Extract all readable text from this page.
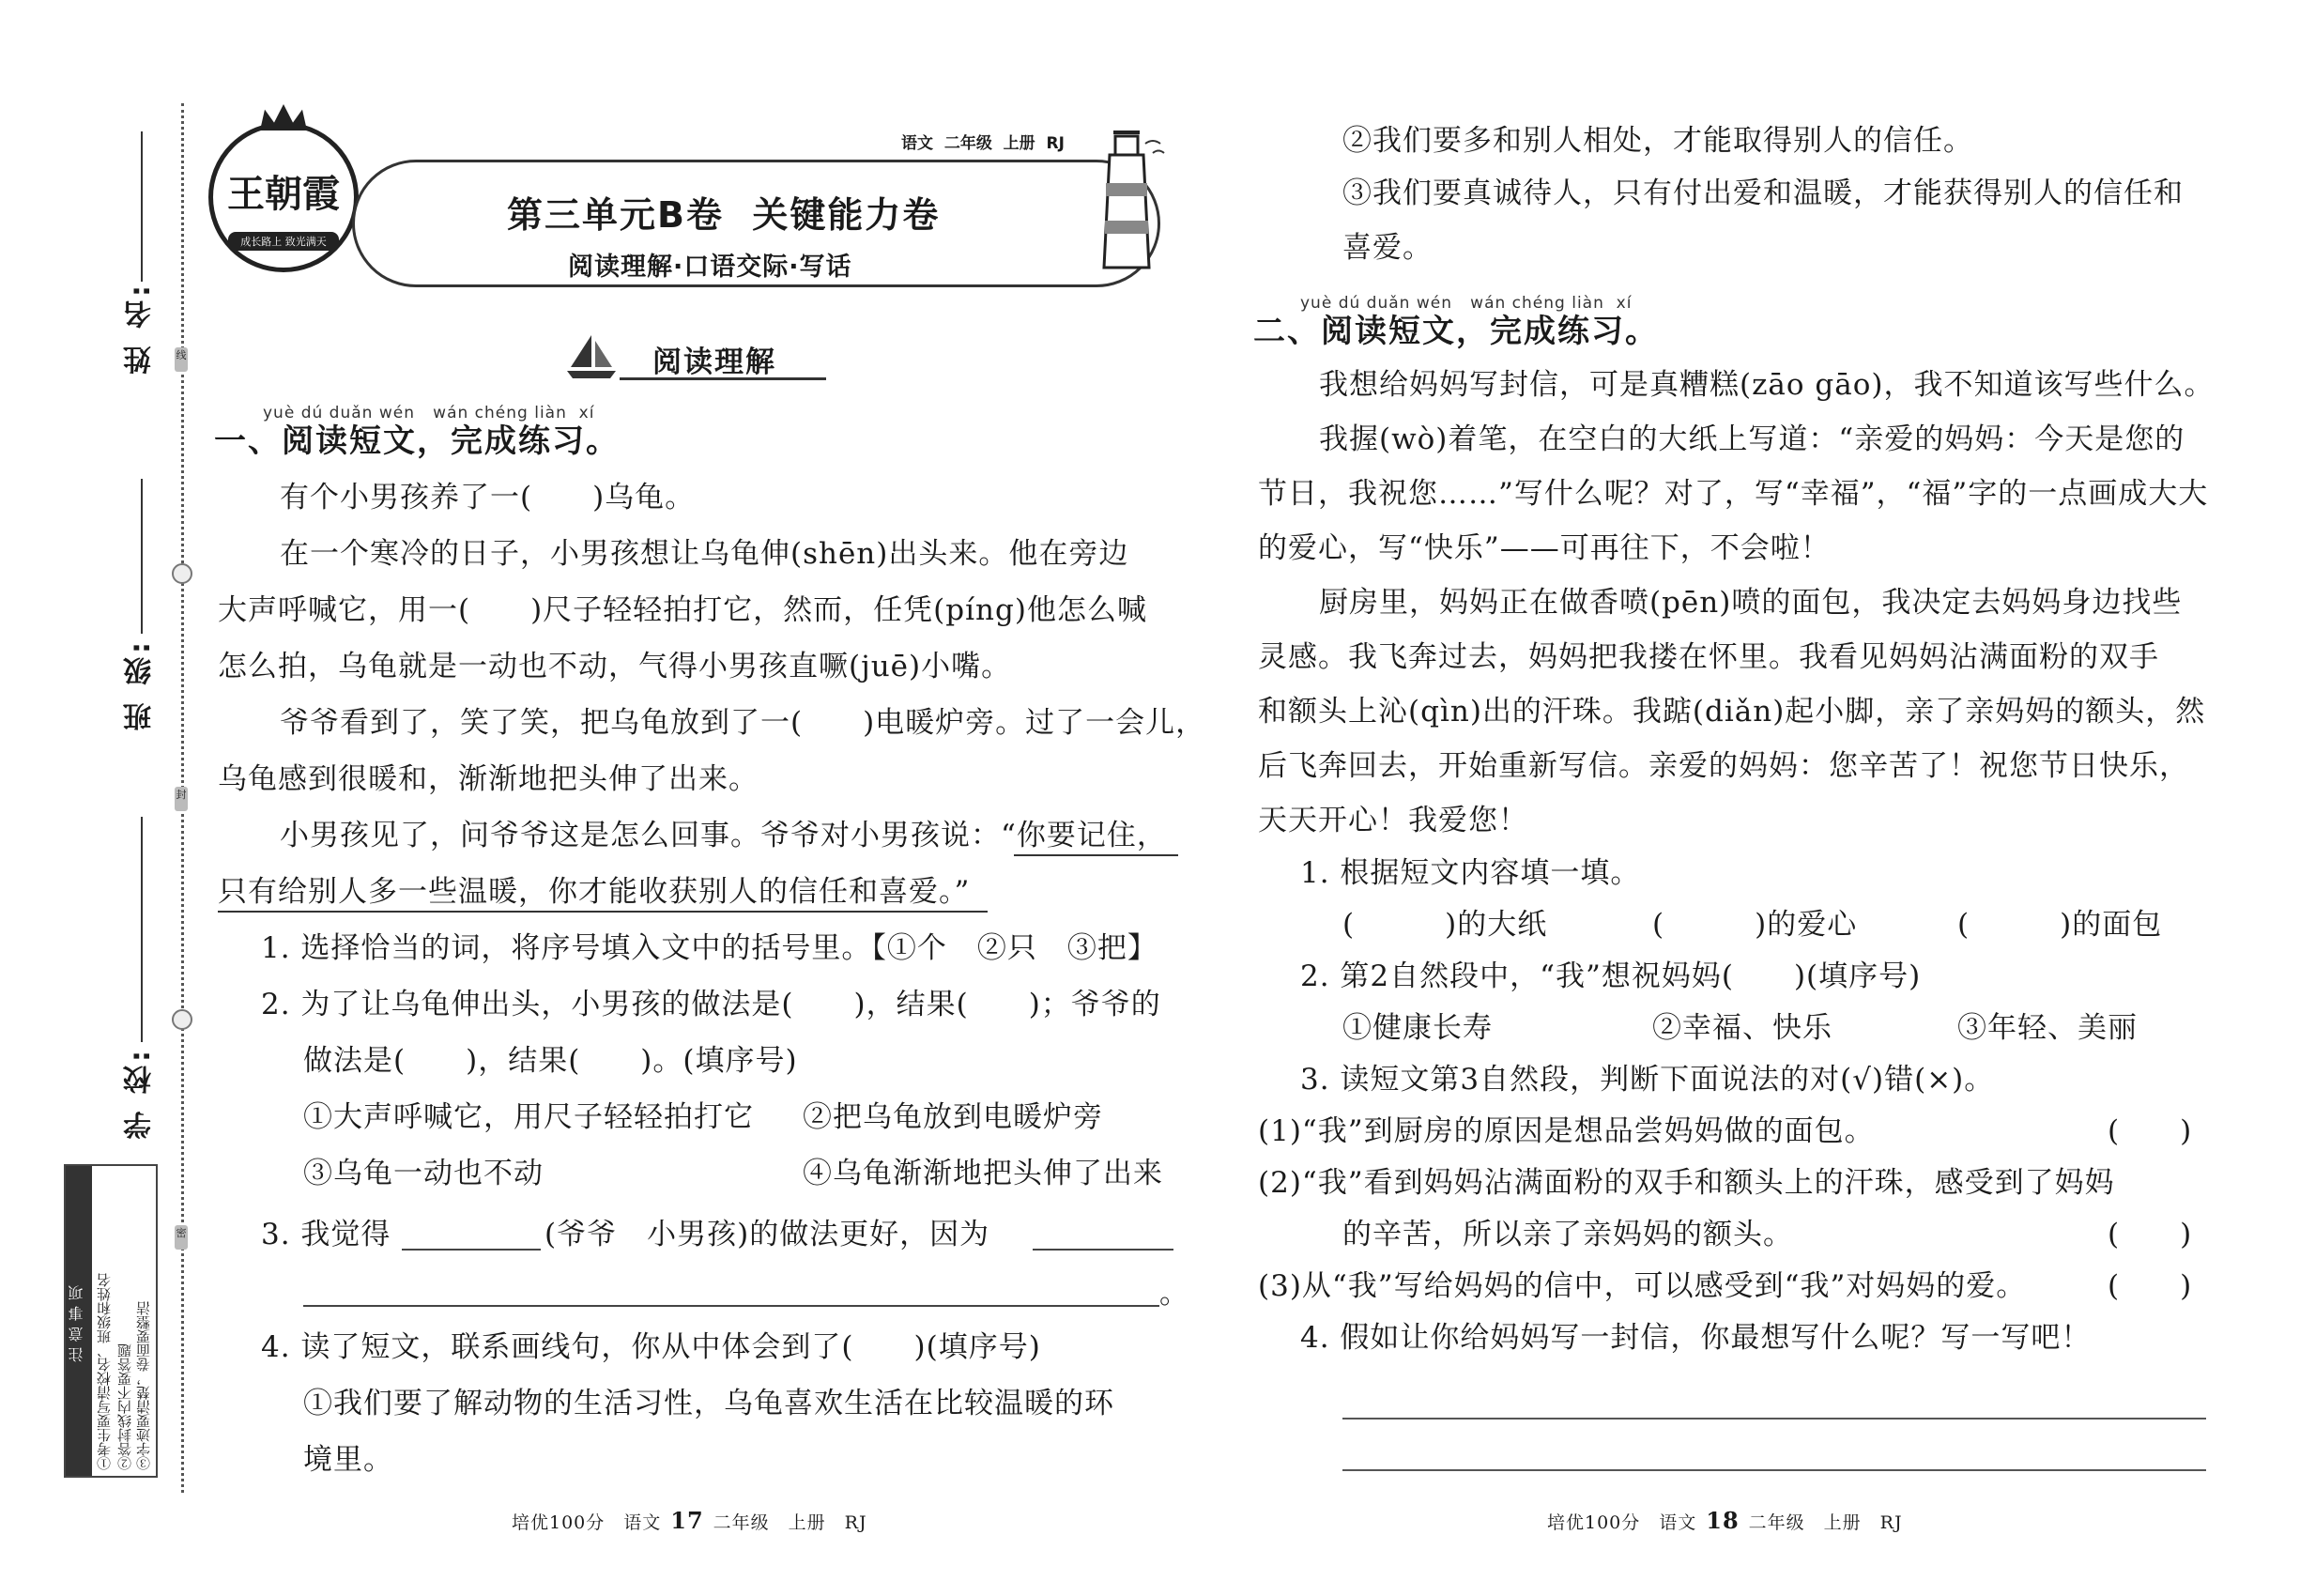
姓 名:
班 级:
学 校:
线
封
密
注意事项 ①考生要写清校名、班级和姓名 ②答封线内不要答题 ③字迹要清楚，卷面要整洁
王朝霞
成长路上 致光满天
语文  二年级  上册  RJ
第三单元B卷  关键能力卷
阅读理解·口语交际·写话
阅读理解
yuè dú duǎn wén   wán chéng liàn  xí
一、阅读短文，完成练习。
有个小男孩养了一(　　)乌龟。
在一个寒冷的日子，小男孩想让乌龟伸(shēn)出头来。他在旁边
大声呼喊它，用一(　　)尺子轻轻拍打它，然而，任凭(píng)他怎么喊
怎么拍，乌龟就是一动也不动，气得小男孩直噘(juē)小嘴。
爷爷看到了，笑了笑，把乌龟放到了一(　　)电暖炉旁。过了一会儿，
乌龟感到很暖和，渐渐地把头伸了出来。
小男孩见了，问爷爷这是怎么回事。爷爷对小男孩说：“你要记住，
只有给别人多一些温暖，你才能收获别人的信任和喜爱。”
1. 选择恰当的词，将序号填入文中的括号里。【①个　②只　③把】
2. 为了让乌龟伸出头，小男孩的做法是(　　)，结果(　　)；爷爷的
做法是(　　)，结果(　　)。(填序号)
①大声呼喊它，用尺子轻轻拍打它 ②把乌龟放到电暖炉旁
③乌龟一动也不动	④乌龟渐渐地把头伸了出来
3. 我觉得	(爷爷　小男孩)的做法更好，因为
。
4. 读了短文，联系画线句，你从中体会到了(　　)(填序号)
①我们要了解动物的生活习性，乌龟喜欢生活在比较温暖的环
境里。
培优100分　语文 17 二年级　上册　RJ
②我们要多和别人相处，才能取得别人的信任。
③我们要真诚待人，只有付出爱和温暖，才能获得别人的信任和
喜爱。
yuè dú duǎn wén   wán chéng liàn  xí
二、阅读短文，完成练习。
我想给妈妈写封信，可是真糟糕(zāo gāo)，我不知道该写些什么。
我握(wò)着笔，在空白的大纸上写道：“亲爱的妈妈：今天是您的
节日，我祝您……”写什么呢？对了，写“幸福”，“福”字的一点画成大大
的爱心，写“快乐”——可再往下，不会啦！
厨房里，妈妈正在做香喷(pēn)喷的面包，我决定去妈妈身边找些
灵感。我飞奔过去，妈妈把我搂在怀里。我看见妈妈沾满面粉的双手
和额头上沁(qìn)出的汗珠。我踮(diǎn)起小脚，亲了亲妈妈的额头，然
后飞奔回去，开始重新写信。亲爱的妈妈：您辛苦了！祝您节日快乐，
天天开心！我爱您！
1. 根据短文内容填一填。
(　　　)的大纸	(　　　)的爱心	(　　　)的面包
2. 第2自然段中，“我”想祝妈妈(　　)(填序号)
①健康长寿	②幸福、快乐	③年轻、美丽
3. 读短文第3自然段，判断下面说法的对(√)错(×)。
(1)“我”到厨房的原因是想品尝妈妈做的面包。	(　　)
(2)“我”看到妈妈沾满面粉的双手和额头上的汗珠，感受到了妈妈
的辛苦，所以亲了亲妈妈的额头。	(　　)
(3)从“我”写给妈妈的信中，可以感受到“我”对妈妈的爱。	(　　)
4. 假如让你给妈妈写一封信，你最想写什么呢？写一写吧！
培优100分　语文 18 二年级　上册　RJ
